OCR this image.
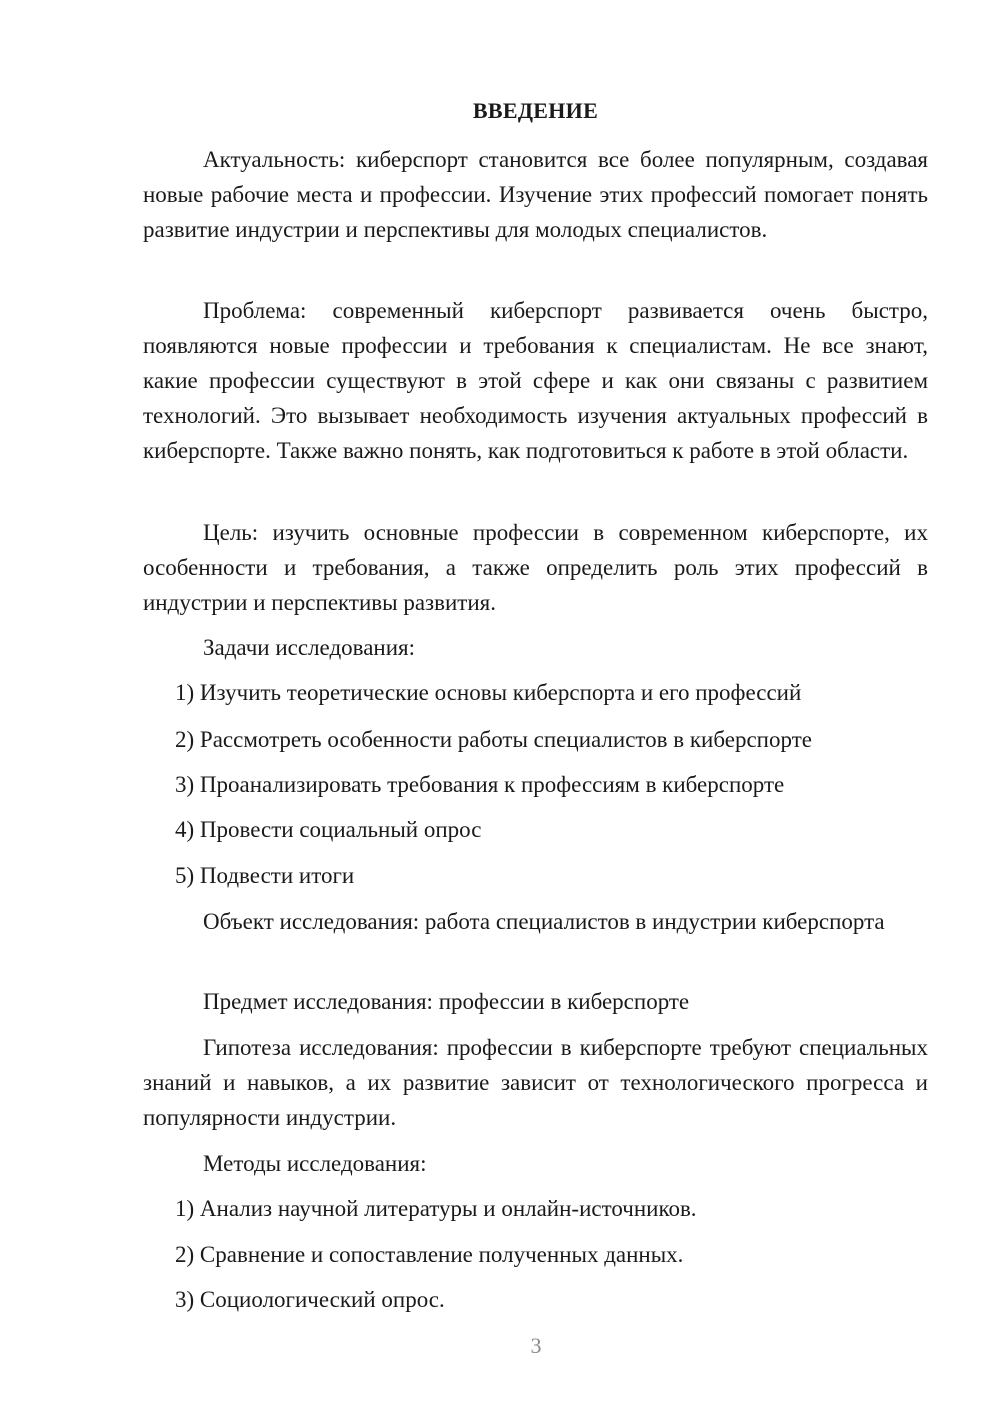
ВВЕДЕНИЕ

Актуальность: киберспорт становится все более популярным, создавая новые рабочие места и профессии. Изучение этих профессий помогает понять развитие индустрии и перспективы для молодых специалистов.

Проблема: современный киберспорт развивается очень быстро, появляются новые профессии и требования к специалистам. Не все знают, какие профессии существуют в этой сфере и как они связаны с развитием технологий. Это вызывает необходимость изучения актуальных профессий в киберспорте. Также важно понять, как подготовиться к работе в этой области.

Цель: изучить основные профессии в современном киберспорте, их особенности и требования, а также определить роль этих профессий в индустрии и перспективы развития.

Задачи исследования:

1) Изучить теоретические основы киберспорта и его профессий

2) Рассмотреть особенности работы специалистов в киберспорте

3) Проанализировать требования к профессиям в киберспорте

4) Провести социальный опрос

5) Подвести итоги

Объект исследования: работа специалистов в индустрии киберспорта

Предмет исследования: профессии в киберспорте

Гипотеза исследования: профессии в киберспорте требуют специальных знаний и навыков, а их развитие зависит от технологического прогресса и популярности индустрии.

Методы исследования:

1) Анализ научной литературы и онлайн-источников.

2) Сравнение и сопоставление полученных данных.

3) Социологический опрос.

3
